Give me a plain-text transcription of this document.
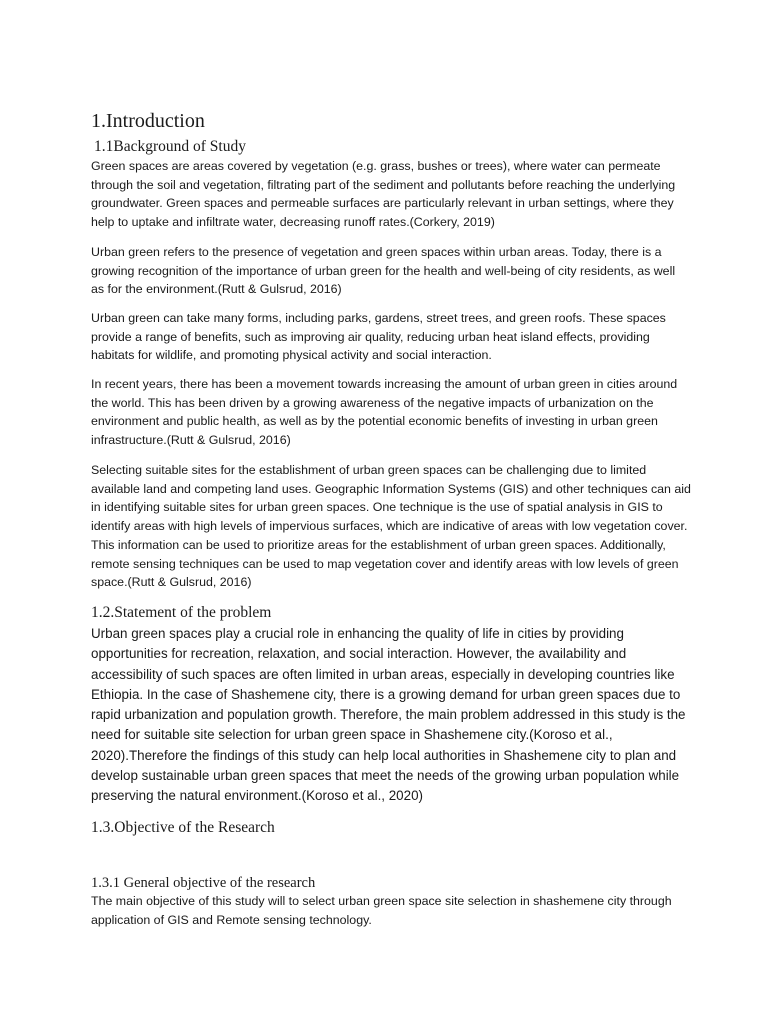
1.Introduction
1.1Background of Study
Green spaces are areas covered by vegetation (e.g. grass, bushes or trees), where water can permeate through the soil and vegetation, filtrating part of the sediment and pollutants before reaching the underlying groundwater. Green spaces and permeable surfaces are particularly relevant in urban settings, where they help to uptake and infiltrate water, decreasing runoff rates.(Corkery, 2019)
Urban green refers to the presence of vegetation and green spaces within urban areas. Today, there is a growing recognition of the importance of urban green for the health and well-being of city residents, as well as for the environment.(Rutt & Gulsrud, 2016)
Urban green can take many forms, including parks, gardens, street trees, and green roofs. These spaces provide a range of benefits, such as improving air quality, reducing urban heat island effects, providing habitats for wildlife, and promoting physical activity and social interaction.
In recent years, there has been a movement towards increasing the amount of urban green in cities around the world. This has been driven by a growing awareness of the negative impacts of urbanization on the environment and public health, as well as by the potential economic benefits of investing in urban green infrastructure.(Rutt & Gulsrud, 2016)
Selecting suitable sites for the establishment of urban green spaces can be challenging due to limited available land and competing land uses. Geographic Information Systems (GIS) and other techniques can aid in identifying suitable sites for urban green spaces. One technique is the use of spatial analysis in GIS to identify areas with high levels of impervious surfaces, which are indicative of areas with low vegetation cover. This information can be used to prioritize areas for the establishment of urban green spaces. Additionally, remote sensing techniques can be used to map vegetation cover and identify areas with low levels of green space.(Rutt & Gulsrud, 2016)
1.2.Statement of the problem
Urban green spaces play a crucial role in enhancing the quality of life in cities by providing opportunities for recreation, relaxation, and social interaction. However, the availability and accessibility of such spaces are often limited in urban areas, especially in developing countries like Ethiopia. In the case of Shashemene city, there is a growing demand for urban green spaces due to rapid urbanization and population growth. Therefore, the main problem addressed in this study is the need for suitable site selection for urban green space in Shashemene city.(Koroso et al., 2020).Therefore the findings of this study can help local authorities in Shashemene city to plan and develop sustainable urban green spaces that meet the needs of the growing urban population while preserving the natural environment.(Koroso et al., 2020)
1.3.Objective of the Research
1.3.1 General objective of the research
The main objective of this study will to select urban green space site selection in shashemene city through application of GIS and Remote sensing technology.
